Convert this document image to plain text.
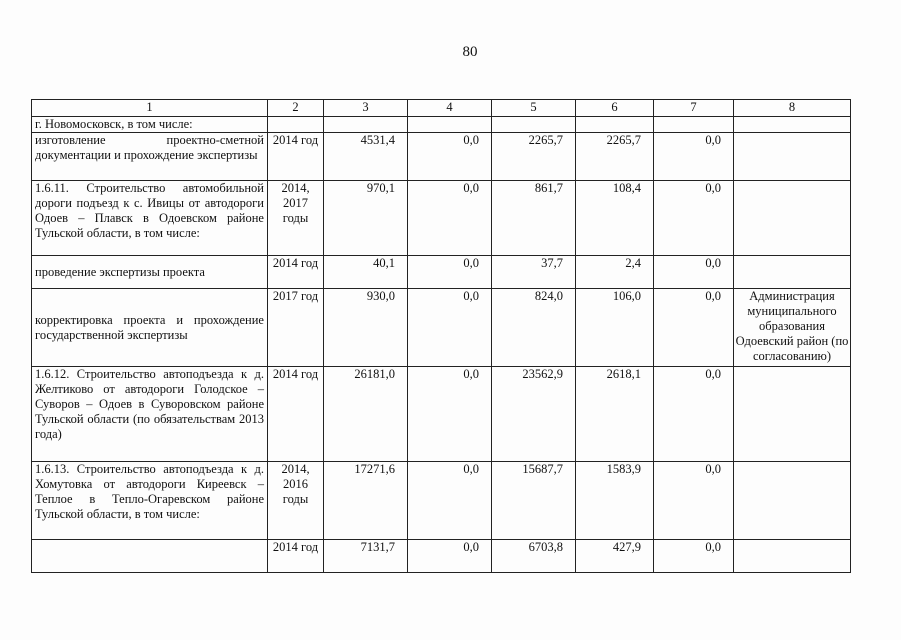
80
1	2	3	4	5	6	7	8
г. Новомосковск, в том числе:							
изготовление проектно-сметной документации и прохождение экспертизы	2014 год	4531,4	0,0	2265,7	2265,7	0,0	
1.6.11. Строительство автомобильной дороги подъезд к с. Ивицы от автодороги Одоев – Плавск в Одоевском районе Тульской области, в том числе:	2014, 2017 годы	970,1	0,0	861,7	108,4	0,0	
проведение экспертизы проекта	2014 год	40,1	0,0	37,7	2,4	0,0	
корректировка проекта и прохождение государственной экспертизы	2017 год	930,0	0,0	824,0	106,0	0,0	Администрация муниципального образования Одоевский район (по согласованию)
1.6.12. Строительство автоподъезда к д. Желтиково от автодороги Голодское – Суворов – Одоев в Суворовском районе Тульской области (по обязательствам 2013 года)	2014 год	26181,0	0,0	23562,9	2618,1	0,0	
1.6.13. Строительство автоподъезда к д. Хомутовка от автодороги Киреевск – Теплое в Тепло-Огаревском районе Тульской области, в том числе:	2014, 2016 годы	17271,6	0,0	15687,7	1583,9	0,0	
	2014 год	7131,7	0,0	6703,8	427,9	0,0	
